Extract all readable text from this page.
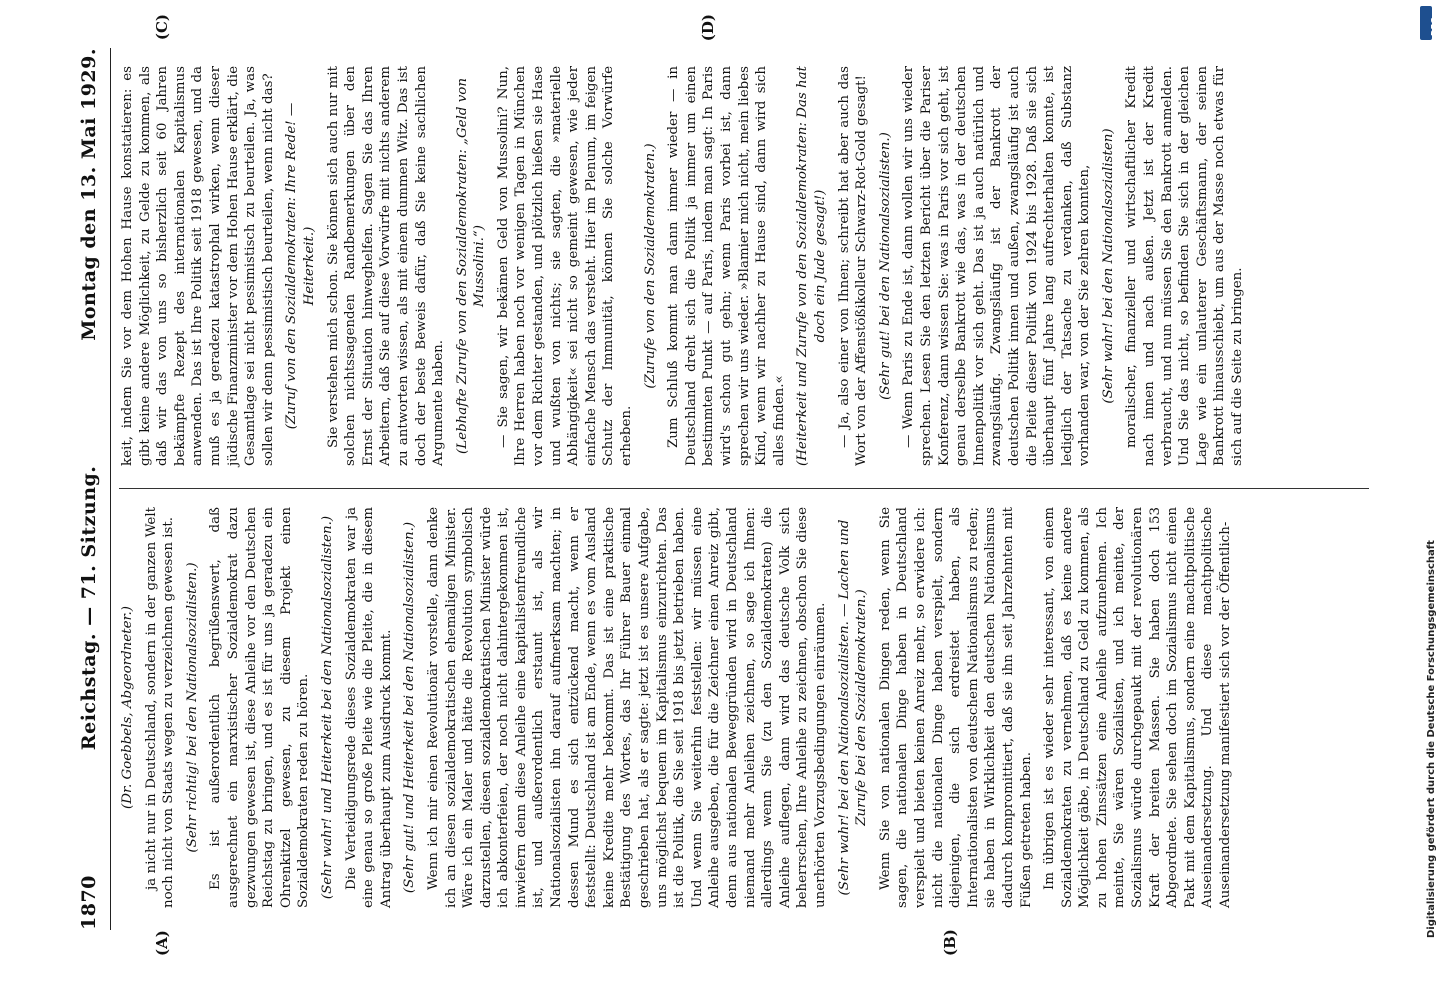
1870
Reichstag. — 71. Sitzung.
Montag den 13. Mai 1929.
(A)	(B)
(C)	(D)

(Dr. Goebbels, Abgeordneter.) ja nicht nur in Deutschland, sondern in der ganzen Welt noch nicht von Staats wegen zu verzeichnen gewesen ist. (Sehr richtig! bei den Nationalsozialisten.) Es ist außerordentlich begrüßenswert, daß ausgerechnet ein marxistischer Sozialdemokrat dazu gezwungen gewesen ist, diese Anleihe vor den Deutschen Reichstag zu bringen, und es ist für uns ja geradezu ein Ohrenkitzel gewesen, zu diesem Projekt einen Sozialdemokraten reden zu hören. (Sehr wahr! und Heiterkeit bei den Nationalsozialisten.) Die Verteidigungsrede dieses Sozialdemokraten war ja eine genau so große Pleite wie die Pleite, die in diesem Antrag überhaupt zum Ausdruck kommt. (Sehr gut! und Heiterkeit bei den Nationalsozialisten.) Wenn ich mir einen Revolutionär vorstelle, dann denke ich an diesen sozialdemokratischen ehemaligen Minister. Wäre ich ein Maler und hätte die Revolution symbolisch darzustellen, diesen sozialdemokratischen Minister würde ich abkonterfeien, der noch nicht dahintergekommen ist, inwiefern denn diese Anleihe eine kapitalistenfreundliche ist, und außerordentlich erstaunt ist, als wir Nationalsozialisten ihn darauf aufmerksam machten; in dessen Mund es sich entzückend macht, wenn er feststellt: Deutschland ist am Ende, wenn es vom Ausland keine Kredite mehr bekommt. Das ist eine praktische Bestätigung des Wortes, das Ihr Führer Bauer einmal geschrieben hat, als er sagte: jetzt ist es unsere Aufgabe, uns möglichst bequem im Kapitalismus einzurichten. Das ist die Politik, die Sie seit 1918 bis jetzt betrieben haben. Und wenn Sie weiterhin feststellen: wir müssen eine Anleihe ausgeben, die für die Zeichner einen Anreiz gibt, denn aus nationalen Beweggründen wird in Deutschland niemand mehr Anleihen zeichnen, so sage ich Ihnen: allerdings wenn Sie (zu den Sozialdemokraten) die Anleihe auflegen, dann wird das deutsche Volk sich beherrschen, Ihre Anleihe zu zeichnen, obschon Sie diese unerhörten Vorzugsbedingungen einräumen. (Sehr wahr! bei den Nationalsozialisten. — Lachen und Zurufe bei den Sozialdemokraten.) Wenn Sie von nationalen Dingen reden, wenn Sie sagen, die nationalen Dinge haben in Deutschland verspielt und bieten keinen Anreiz mehr, so erwidere ich: nicht die nationalen Dinge haben verspielt, sondern diejenigen, die sich erdreistet haben, als Internationalisten von deutschem Nationalismus zu reden; sie haben in Wirklichkeit den deutschen Nationalismus dadurch kompromittiert, daß sie ihn seit Jahrzehnten mit Füßen getreten haben. Im übrigen ist es wieder sehr interessant, von einem Sozialdemokraten zu vernehmen, daß es keine andere Möglichkeit gäbe, in Deutschland zu Geld zu kommen, als zu hohen Zinssätzen eine Anleihe aufzunehmen. Ich meinte, Sie wären Sozialisten, und ich meinte, der Sozialismus würde durchgepaukt mit der revolutionären Kraft der breiten Massen. Sie haben doch 153 Abgeordnete. Sie sehen doch im Sozialismus nicht einen Pakt mit dem Kapitalismus, sondern eine machtpolitische Auseinandersetzung. Und diese machtpolitische Auseinandersetzung manifestiert sich vor der Öffentlich-

keit, indem Sie vor dem Hohen Hause konstatieren: es gibt keine andere Möglichkeit, zu Gelde zu kommen, als daß wir das von uns so bisherzlich seit 60 Jahren bekämpfte Rezept des internationalen Kapitalismus anwenden. Das ist Ihre Politik seit 1918 gewesen, und da muß es ja geradezu katastrophal wirken, wenn dieser jüdische Finanzminister vor dem Hohen Hause erklärt, die Gesamtlage sei nicht pessimistisch zu beurteilen. Ja, was sollen wir denn pessimistisch beurteilen, wenn nicht das? (Zuruf von den Sozialdemokraten: Ihre Rede! — Heiterkeit.) Sie verstehen mich schon. Sie können sich auch nur mit solchen nichtssagenden Randbemerkungen über den Ernst der Situation hinweghelfen. Sagen Sie das Ihren Arbeitern, daß Sie auf diese Vorwürfe mit nichts anderem zu antworten wissen, als mit einem dummen Witz. Das ist doch der beste Beweis dafür, daß Sie keine sachlichen Argumente haben. (Lebhafte Zurufe von den Sozialdemokraten: „Geld von Mussolini.“) — Sie sagen, wir bekämen Geld von Mussolini? Nun, Ihre Herren haben noch vor wenigen Tagen in München vor dem Richter gestanden, und plötzlich hießen sie Hase und wußten von nichts; sie sagten, die »materielle Abhängigkeit« sei nicht so gemeint gewesen, wie jeder einfache Mensch das versteht. Hier im Plenum, im feigen Schutz der Immunität, können Sie solche Vorwürfe erheben.

(Zurufe von den Sozialdemokraten.) Zum Schluß kommt man dann immer wieder — in Deutschland dreht sich die Politik ja immer um einen bestimmten Punkt — auf Paris, indem man sagt: In Paris wird's schon gut gehn; wenn Paris vorbei ist, dann sprechen wir uns wieder. »Blamier mich nicht, mein liebes Kind, wenn wir nachher zu Hause sind, dann wird sich alles finden.« (Heiterkeit und Zurufe von den Sozialdemokraten: Das hat doch ein Jude gesagt!) — Ja, also einer von Ihnen; schreibt hat aber auch das Wort von der Affenstößikolleur Schwarz-Rot-Gold gesagt! (Sehr gut! bei den Nationalsozialisten.) — Wenn Paris zu Ende ist, dann wollen wir uns wieder sprechen. Lesen Sie den letzten Bericht über die Pariser Konferenz, dann wissen Sie: was in Paris vor sich geht, ist genau derselbe Bankrott wie das, was in der deutschen Innenpolitik vor sich geht. Das ist ja auch natürlich und zwangsläufig. Zwangsläufig ist der Bankrott der deutschen Politik innen und außen, zwangsläufig ist auch die Pleite dieser Politik von 1924 bis 1928. Daß sie sich überhaupt fünf Jahre lang aufrechterhalten konnte, ist lediglich der Tatsache zu verdanken, daß Substanz vorhanden war, von der Sie zehren konnten, (Sehr wahr! bei den Nationalsozialisten) moralischer, finanzieller und wirtschaftlicher Kredit nach innen und nach außen. Jetzt ist der Kredit verbraucht, und nun müssen Sie den Bankrott anmelden. Und Sie das nicht, so befinden Sie sich in der gleichen Lage wie ein unlauterer Geschäftsmann, der seinen Bankrott hinausschiebt, um aus der Masse noch etwas für sich auf die Seite zu bringen.

Digitalisierung gefördert durch die Deutsche Forschungsgemeinschaft
DFG
